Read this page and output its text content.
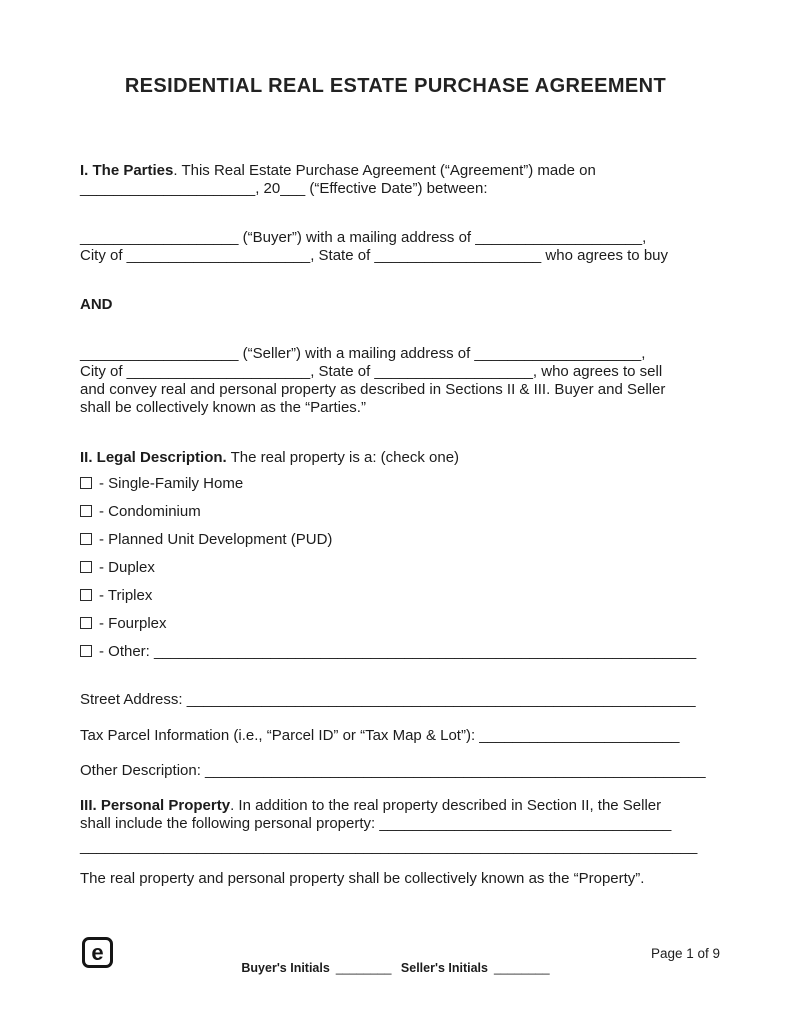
RESIDENTIAL REAL ESTATE PURCHASE AGREEMENT
I. The Parties. This Real Estate Purchase Agreement (“Agreement”) made on
_____________________, 20___ (“Effective Date”) between:
___________________ (“Buyer”) with a mailing address of ____________________,
City of ______________________, State of ____________________ who agrees to buy
AND
___________________ (“Seller”) with a mailing address of ____________________,
City of ______________________, State of ___________________, who agrees to sell
and convey real and personal property as described in Sections II & III. Buyer and Seller
shall be collectively known as the “Parties.”
II. Legal Description. The real property is a: (check one)
- Single-Family Home
- Condominium
- Planned Unit Development (PUD)
- Duplex
- Triplex
- Fourplex
- Other: _________________________________________________________________
Street Address: _____________________________________________________________
Tax Parcel Information (i.e., “Parcel ID” or “Tax Map & Lot”): ________________________
Other Description: ____________________________________________________________
III. Personal Property. In addition to the real property described in Section II, the Seller
shall include the following personal property: ___________________________________
__________________________________________________________________________
The real property and personal property shall be collectively known as the “Property”.
e	Page 1 of 9
Buyer's Initials ________ Seller's Initials ________
